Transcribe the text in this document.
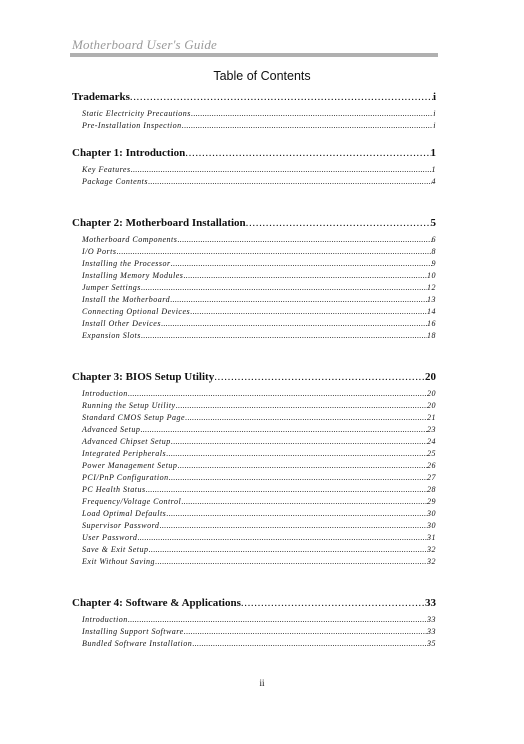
Motherboard User's Guide
Table of Contents
Trademarks .....	i
Static Electricity Precautions .....	i
Pre-Installation Inspection .....	i
Chapter 1: Introduction .....	1
Key Features .....	1
Package Contents .....	4
Chapter 2: Motherboard Installation .....	5
Motherboard Components .....	6
I/O Ports .....	8
Installing the Processor .....	9
Installing Memory Modules .....	10
Jumper Settings .....	12
Install the Motherboard .....	13
Connecting Optional Devices .....	14
Install Other Devices .....	16
Expansion Slots .....	18
Chapter 3: BIOS Setup Utility .....	20
Introduction .....	20
Running the Setup Utility .....	20
Standard CMOS Setup Page .....	21
Advanced Setup .....	23
Advanced Chipset Setup .....	24
Integrated Peripherals .....	25
Power Management Setup .....	26
PCI/PnP Configuration .....	27
PC Health Status .....	28
Frequency/Voltage Control .....	29
Load Optimal Defaults .....	30
Supervisor Password .....	30
User Password .....	31
Save & Exit Setup .....	32
Exit Without Saving .....	32
Chapter 4: Software & Applications .....	33
Introduction .....	33
Installing Support Software .....	33
Bundled Software Installation .....	35
ii
